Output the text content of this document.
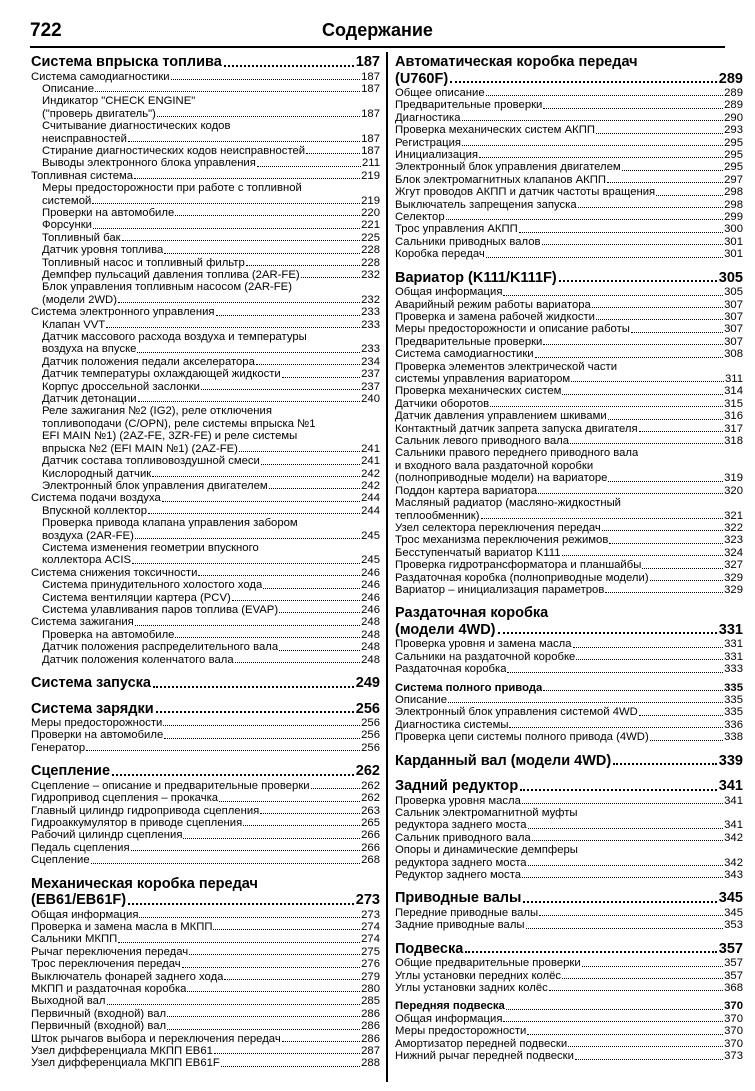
722	Содержание
Система впрыска топлива	187
Система самодиагностики	187
Описание	187
Индикатор "CHECK ENGINE"
("проверь двигатель")	187
Считывание диагностических кодов
неисправностей	187
Стирание диагностических кодов неисправностей	187
Выводы электронного блока управления	211
Топливная система	219
Меры предосторожности при работе с топливной
системой	219
Проверки на автомобиле	220
Форсунки	221
Топливный бак	225
Датчик уровня топлива	228
Топливный насос и топливный фильтр	228
Демпфер пульсаций давления топлива (2AR-FE)	232
Блок управления топливным насосом (2AR-FE)
(модели 2WD)	232
Система электронного управления	233
Клапан VVT	233
Датчик массового расхода воздуха и температуры
воздуха на впуске	233
Датчик положения педали акселератора	234
Датчик температуры охлаждающей жидкости	237
Корпус дроссельной заслонки	237
Датчик детонации	240
Реле зажигания №2 (IG2), реле отключения
топливоподачи (C/OPN), реле системы впрыска №1
EFI MAIN №1) (2AZ-FE, 3ZR-FE) и реле системы
впрыска №2 (EFI MAIN №1) (2AZ-FE)	241
Датчик состава топливовоздушной смеси	241
Кислородный датчик	242
Электронный блок управления двигателем	242
Система подачи воздуха	244
Впускной коллектор	244
Проверка привода клапана управления забором
воздуха (2AR-FE)	245
Система изменения геометрии впускного
коллектора ACIS	245
Система снижения токсичности	246
Система принудительного холостого хода	246
Система вентиляции картера (PCV)	246
Система улавливания паров топлива (EVAP)	246
Система зажигания	248
Проверка на автомобиле	248
Датчик положения распределительного вала	248
Датчик положения коленчатого вала	248
Система запуска	249
Система зарядки	256
Меры предосторожности	256
Проверки на автомобиле	256
Генератор	256
Сцепление	262
Сцепление – описание и предварительные проверки	262
Гидропривод сцепления – прокачка	262
Главный цилиндр гидропривода сцепления	263
Гидроаккумулятор в приводе сцепления	265
Рабочий цилиндр сцепления	266
Педаль сцепления	266
Сцепление	268
Механическая коробка передач
(EB61/EB61F)	273
Общая информация	273
Проверка и замена масла в МКПП	274
Сальники МКПП	274
Рычаг переключения передач	275
Трос переключения передач	276
Выключатель фонарей заднего хода	279
МКПП и раздаточная коробка	280
Выходной вал	285
Первичный (входной) вал	286
Первичный (входной) вал	286
Шток рычагов выбора и переключения передач	286
Узел дифференциала МКПП EB61	287
Узел дифференциала МКПП EB61F	288
Автоматическая коробка передач
(U760F)	289
Общее описание	289
Предварительные проверки	289
Диагностика	290
Проверка механических систем АКПП	293
Регистрация	295
Инициализация	295
Электронный блок управления двигателем	295
Блок электромагнитных клапанов АКПП	297
Жгут проводов АКПП и датчик частоты вращения	298
Выключатель запрещения запуска	298
Селектор	299
Трос управления АКПП	300
Сальники приводных валов	301
Коробка передач	301
Вариатор (K111/K111F)	305
Общая информация	305
Аварийный режим работы вариатора	307
Проверка и замена рабочей жидкости	307
Меры предосторожности и описание работы	307
Предварительные проверки	307
Система самодиагностики	308
Проверка элементов электрической части
системы управления вариатором	311
Проверка механических систем	314
Датчики оборотов	315
Датчик давления управлением шкивами	316
Контактный датчик запрета запуска двигателя	317
Сальник левого приводного вала	318
Сальники правого переднего приводного вала
и входного вала раздаточной коробки
(полноприводные модели) на вариаторе	319
Поддон картера вариатора	320
Масляный радиатор (масляно-жидкостный
теплообменник)	321
Узел селектора переключения передач	322
Трос механизма переключения режимов	323
Бесступенчатый вариатор K111	324
Проверка гидротрансформатора и планшайбы	327
Раздаточная коробка (полноприводные модели)	329
Вариатор – инициализация параметров	329
Раздаточная коробка
(модели 4WD)	331
Проверка уровня и замена масла	331
Сальники на раздаточной коробке	331
Раздаточная коробка	333
Система полного привода	335
Описание	335
Электронный блок управления системой 4WD	335
Диагностика системы	336
Проверка цепи системы полного привода (4WD)	338
Карданный вал (модели 4WD)	339
Задний редуктор	341
Проверка уровня масла	341
Сальник электромагнитной муфты
редуктора заднего моста	341
Сальник приводного вала	342
Опоры и динамические демпферы
редуктора заднего моста	342
Редуктор заднего моста	343
Приводные валы	345
Передние приводные валы	345
Задние приводные валы	353
Подвеска	357
Общие предварительные проверки	357
Углы установки передних колёс	357
Углы установки задних колёс	368
Передняя подвеска	370
Общая информация	370
Меры предосторожности	370
Амортизатор передней подвески	370
Нижний рычаг передней подвески	373
